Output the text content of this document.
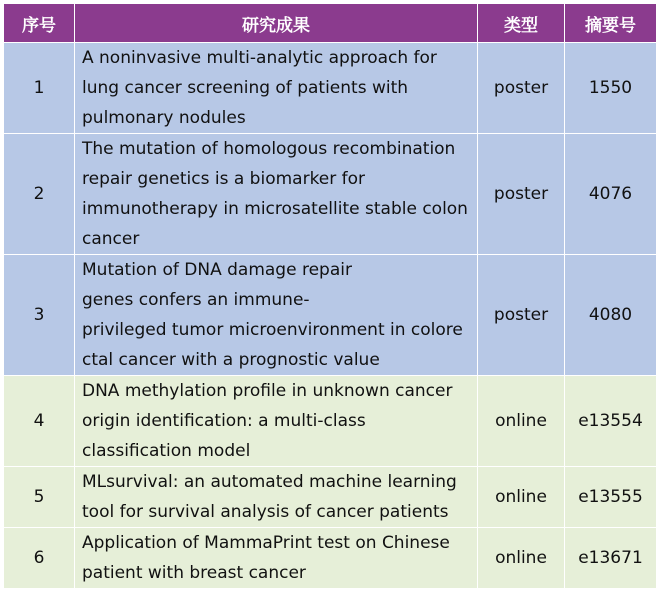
序号	研究成果	类型	摘要号
1	A noninvasive multi-analytic approach for
lung cancer screening of patients with
pulmonary nodules	poster	1550
2	The mutation of homologous recombination
repair genetics is a biomarker for
immunotherapy in microsatellite stable colon
cancer	poster	4076
3	Mutation of DNA damage repair
genes confers an immune-
privileged tumor microenvironment in colore
ctal cancer with a prognostic value	poster	4080
4	DNA methylation profile in unknown cancer
origin identification: a multi-class
classification model	online	e13554
5	MLsurvival: an automated machine learning
tool for survival analysis of cancer patients	online	e13555
6	Application of MammaPrint test on Chinese
patient with breast cancer	online	e13671
